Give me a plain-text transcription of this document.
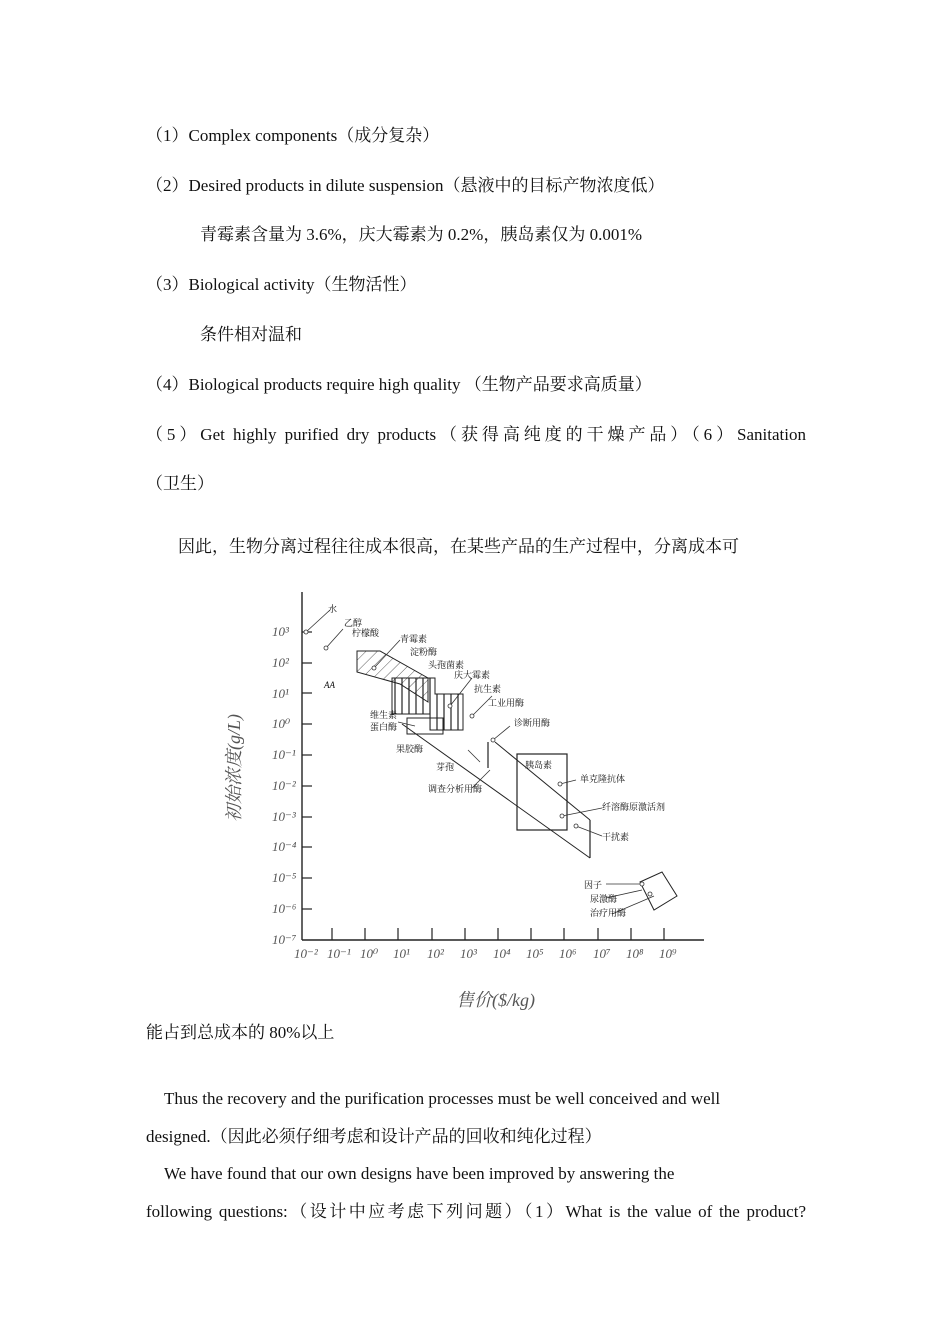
（1）Complex components（成分复杂）
（2）Desired products in dilute suspension（悬液中的目标产物浓度低）
青霉素含量为 3.6%，庆大霉素为 0.2%，胰岛素仅为 0.001%
（3）Biological activity（生物活性）
条件相对温和
（4）Biological products require high quality （生物产品要求高质量）
（5）Get highly purified dry products（获得高纯度的干燥产品）（6）Sanitation
（卫生）
因此，生物分离过程往往成本很高，在某些产品的生产过程中，分离成本可
10³
10²
10¹
10⁰
10⁻¹
10⁻²
10⁻³
10⁻⁴
10⁻⁵
10⁻⁶
10⁻⁷
10⁻² 10⁻¹ 10⁰ 10¹ 10² 10³ 10⁴ 10⁵ 10⁶ 10⁷ 10⁸ 10⁹
售价($/kg)
初始浓度(g/L)
水
乙醇
柠檬酸
AA
青霉素
淀粉酶
头孢菌素
庆大霉素
抗生素
工业用酶
诊断用酶
维生素
蛋白酶
果胶酶
芽孢
调查分析用酶
胰岛素
单克隆抗体
纤溶酶原激活剂
干扰素
因子
尿激酶
治疗用酶
能占到总成本的 80%以上
Thus the recovery and the purification processes must be well conceived and well
designed.（因此必须仔细考虑和设计产品的回收和纯化过程）
We have found that our own designs have been improved by answering the
following questions:（设计中应考虑下列问题）（1）What is the value of the product?
